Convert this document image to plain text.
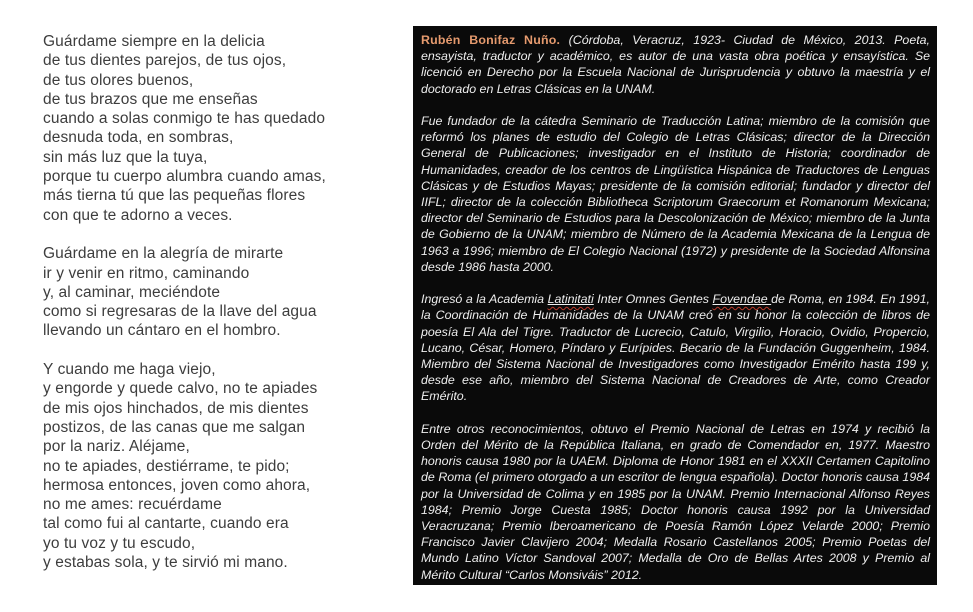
Guárdame siempre en la delicia
de tus dientes parejos, de tus ojos,
de tus olores buenos,
de tus brazos que me enseñas
cuando a solas conmigo te has quedado
desnuda toda, en sombras,
sin más luz que la tuya,
porque tu cuerpo alumbra cuando amas,
más tierna tú que las pequeñas flores
con que te adorno a veces.
Guárdame en la alegría de mirarte
ir y venir en ritmo, caminando
y, al caminar, meciéndote
como si regresaras de la llave del agua
llevando un cántaro en el hombro.
Y cuando me haga viejo,
y engorde y quede calvo, no te apiades
de mis ojos hinchados, de mis dientes
postizos, de las canas que me salgan
por la nariz. Aléjame,
no te apiades, destiérrame, te pido;
hermosa entonces, joven como ahora,
no me ames: recuérdame
tal como fui al cantarte, cuando era
yo tu voz y tu escudo,
y estabas sola, y te sirvió mi mano.

Rubén Bonifaz Nuño. (Córdoba, Veracruz, 1923- Ciudad de México, 2013. Poeta, ensayista, traductor y académico, es autor de una vasta obra poética y ensayística. Se licenció en Derecho por la Escuela Nacional de Jurisprudencia y obtuvo la maestría y el doctorado en Letras Clásicas en la UNAM.

Fue fundador de la cátedra Seminario de Traducción Latina; miembro de la comisión que reformó los planes de estudio del Colegio de Letras Clásicas; director de la Dirección General de Publicaciones; investigador en el Instituto de Historia; coordinador de Humanidades, creador de los centros de Lingüística Hispánica de Traductores de Lenguas Clásicas y de Estudios Mayas; presidente de la comisión editorial; fundador y director del IIFL; director de la colección Bibliotheca Scriptorum Graecorum et Romanorum Mexicana; director del Seminario de Estudios para la Descolonización de México; miembro de la Junta de Gobierno de la UNAM; miembro de Número de la Academia Mexicana de la Lengua de 1963 a 1996; miembro de El Colegio Nacional (1972) y presidente de la Sociedad Alfonsina desde 1986 hasta 2000.

Ingresó a la Academia Latinitati Inter Omnes Gentes Fovendae de Roma, en 1984. En 1991, la Coordinación de Humanidades de la UNAM creó en su honor la colección de libros de poesía El Ala del Tigre. Traductor de Lucrecio, Catulo, Virgilio, Horacio, Ovidio, Propercio, Lucano, César, Homero, Píndaro y Eurípides. Becario de la Fundación Guggenheim, 1984. Miembro del Sistema Nacional de Investigadores como Investigador Emérito hasta 199 y, desde ese año, miembro del Sistema Nacional de Creadores de Arte, como Creador Emérito.

Entre otros reconocimientos, obtuvo el Premio Nacional de Letras en 1974 y recibió la Orden del Mérito de la República Italiana, en grado de Comendador en, 1977. Maestro honoris causa 1980 por la UAEM. Diploma de Honor 1981 en el XXXII Certamen Capitolino de Roma (el primero otorgado a un escritor de lengua española). Doctor honoris causa 1984 por la Universidad de Colima y en 1985 por la UNAM. Premio Internacional Alfonso Reyes 1984; Premio Jorge Cuesta 1985; Doctor honoris causa 1992 por la Universidad Veracruzana; Premio Iberoamericano de Poesía Ramón López Velarde 2000; Premio Francisco Javier Clavijero 2004; Medalla Rosario Castellanos 2005; Premio Poetas del Mundo Latino Víctor Sandoval 2007; Medalla de Oro de Bellas Artes 2008 y Premio al Mérito Cultural “Carlos Monsiváis” 2012.
